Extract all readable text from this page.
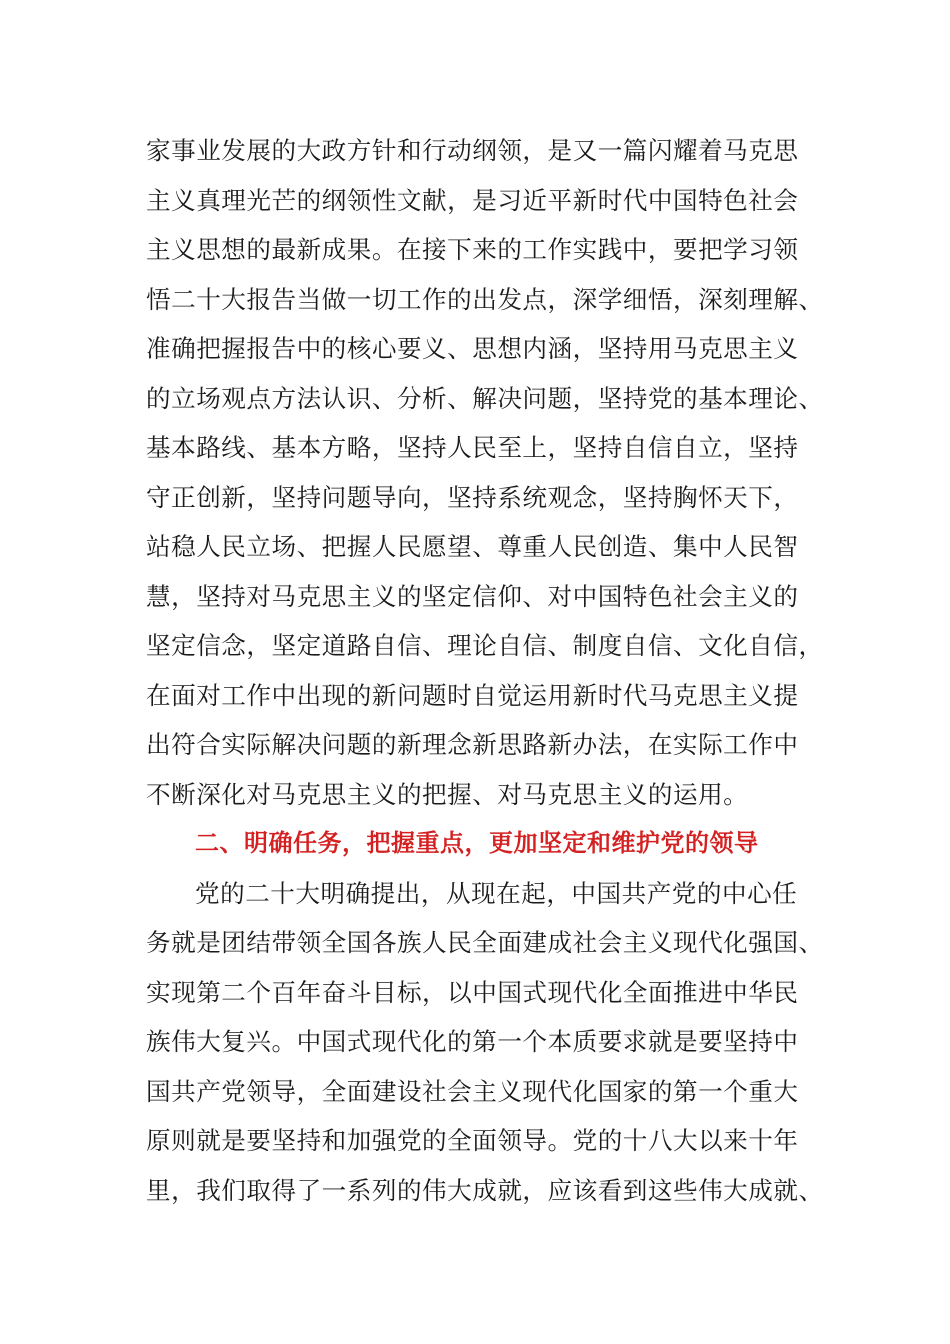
家事业发展的大政方针和行动纲领，是又一篇闪耀着马克思
主义真理光芒的纲领性文献，是习近平新时代中国特色社会
主义思想的最新成果。在接下来的工作实践中，要把学习领
悟二十大报告当做一切工作的出发点，深学细悟，深刻理解、
准确把握报告中的核心要义、思想内涵，坚持用马克思主义
的立场观点方法认识、分析、解决问题，坚持党的基本理论、
基本路线、基本方略，坚持人民至上，坚持自信自立，坚持
守正创新，坚持问题导向，坚持系统观念，坚持胸怀天下，
站稳人民立场、把握人民愿望、尊重人民创造、集中人民智
慧，坚持对马克思主义的坚定信仰、对中国特色社会主义的
坚定信念，坚定道路自信、理论自信、制度自信、文化自信，
在面对工作中出现的新问题时自觉运用新时代马克思主义提
出符合实际解决问题的新理念新思路新办法，在实际工作中
不断深化对马克思主义的把握、对马克思主义的运用。
二、明确任务，把握重点，更加坚定和维护党的领导
党的二十大明确提出，从现在起，中国共产党的中心任
务就是团结带领全国各族人民全面建成社会主义现代化强国、
实现第二个百年奋斗目标，以中国式现代化全面推进中华民
族伟大复兴。中国式现代化的第一个本质要求就是要坚持中
国共产党领导，全面建设社会主义现代化国家的第一个重大
原则就是要坚持和加强党的全面领导。党的十八大以来十年
里，我们取得了一系列的伟大成就，应该看到这些伟大成就、
